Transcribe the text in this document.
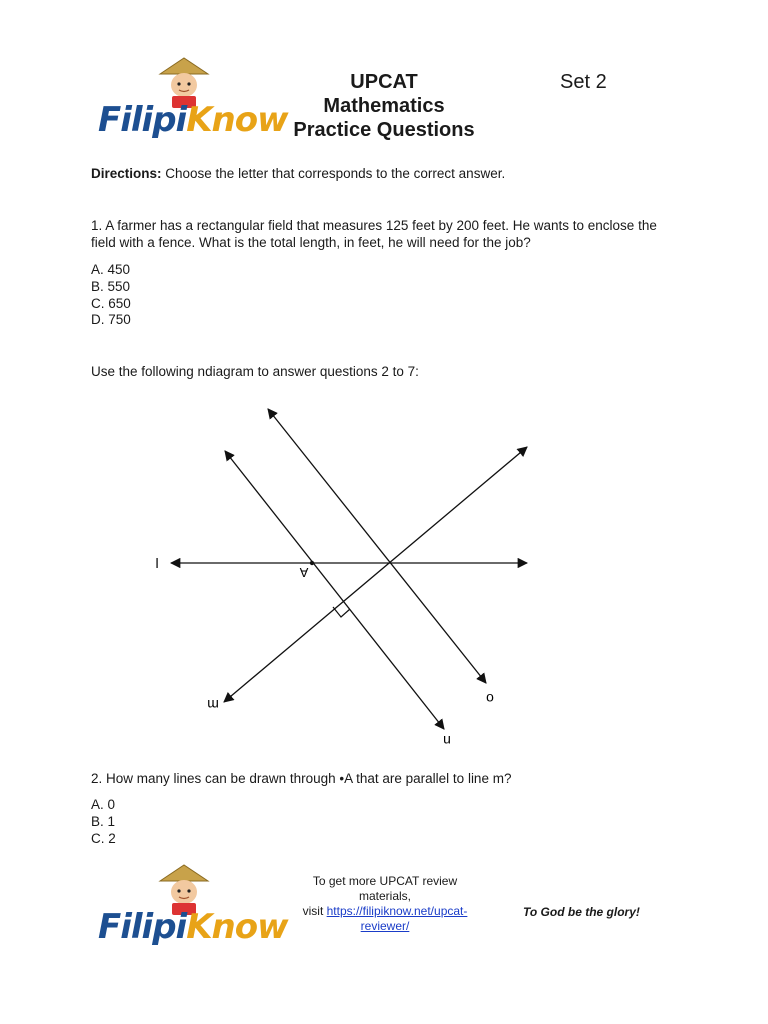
FilipiKnow
UPCAT
Mathematics
Practice Questions
Set 2
Directions: Choose the letter that corresponds to the correct answer.
1. A farmer has a rectangular field that measures 125 feet by 200 feet. He wants to enclose the field with a fence. What is the total length, in feet, he will need for the job?
A. 450
B. 550
C. 650
D. 750
Use the following ndiagram to answer questions 2 to 7:
l
A
m	o
n
2. How many lines can be drawn through •A that are parallel to line m?
A. 0
B. 1
C. 2
FilipiKnow
To get more UPCAT review
materials,
visit https://filipiknow.net/upcat-
reviewer/
To God be the glory!
